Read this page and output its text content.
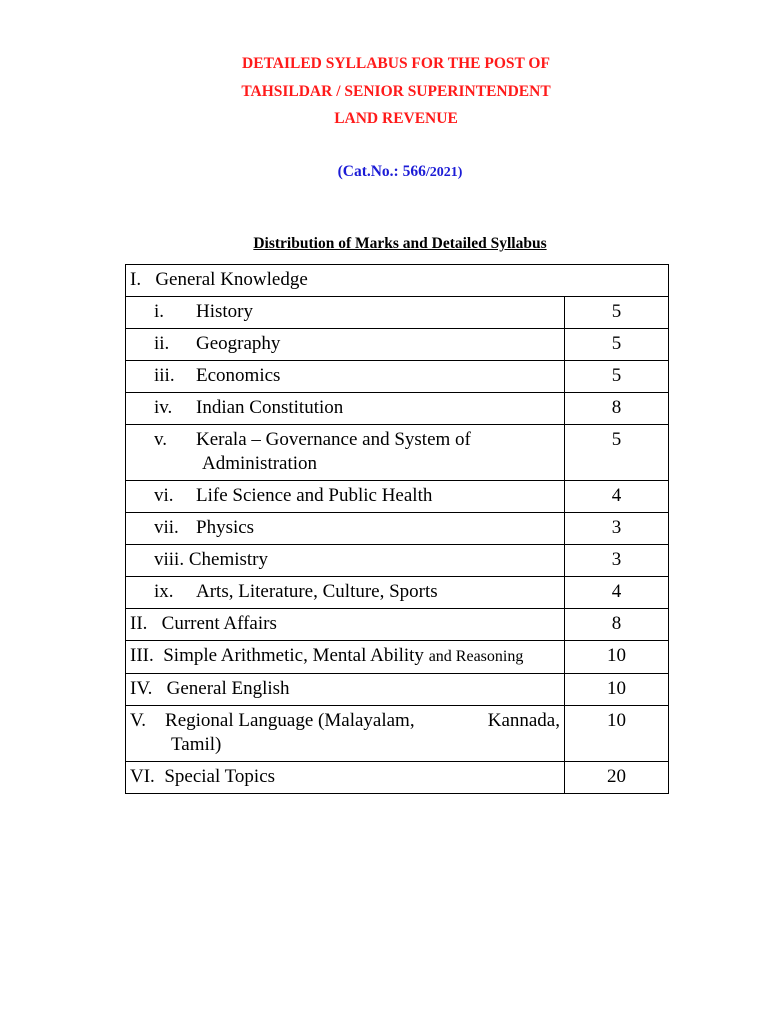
DETAILED SYLLABUS FOR THE POST OF
TAHSILDAR / SENIOR SUPERINTENDENT
LAND REVENUE
(Cat.No.: 566/2021)
Distribution of Marks and Detailed Syllabus
I. General Knowledge	
i. History	5
ii. Geography	5
iii. Economics	5
iv. Indian Constitution	8
v. Kerala – Governance and System of
Administration	5
vi. Life Science and Public Health	4
vii. Physics	3
viii. Chemistry	3
ix. Arts, Literature, Culture, Sports	4
II. Current Affairs	8
III. Simple Arithmetic, Mental Ability and Reasoning	10
IV. General English	10

V. Regional Language (Malayalam, Kannada,
Tamil)	10
VI. Special Topics	20
